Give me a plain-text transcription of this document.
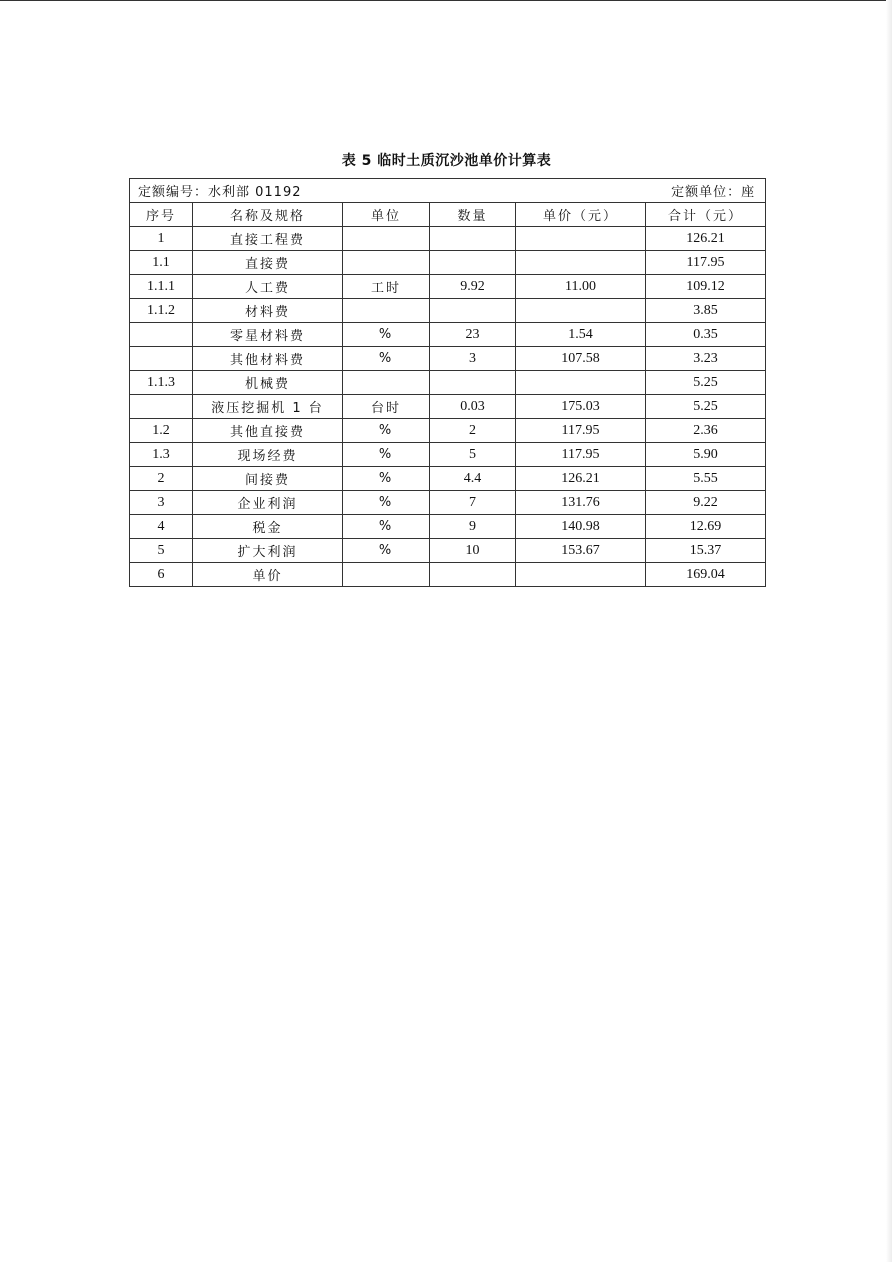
表 5 临时土质沉沙池单价计算表
定额编号：水利部 01192 定额单位：座					

序号	名称及规格	单位	数量	单价（元）	合计（元）
1	直接工程费				126.21
1.1	直接费				117.95
1.1.1	人工费	工时	9.92	11.00	109.12
1.1.2	材料费				3.85
	零星材料费	%	23	1.54	0.35
	其他材料费	%	3	107.58	3.23
1.1.3	机械费				5.25
	液压挖掘机 1 台	台时	0.03	175.03	5.25
1.2	其他直接费	%	2	117.95	2.36
1.3	现场经费	%	5	117.95	5.90
2	间接费	%	4.4	126.21	5.55
3	企业利润	%	7	131.76	9.22
4	税金	%	9	140.98	12.69
5	扩大利润	%	10	153.67	15.37
6	单价				169.04
